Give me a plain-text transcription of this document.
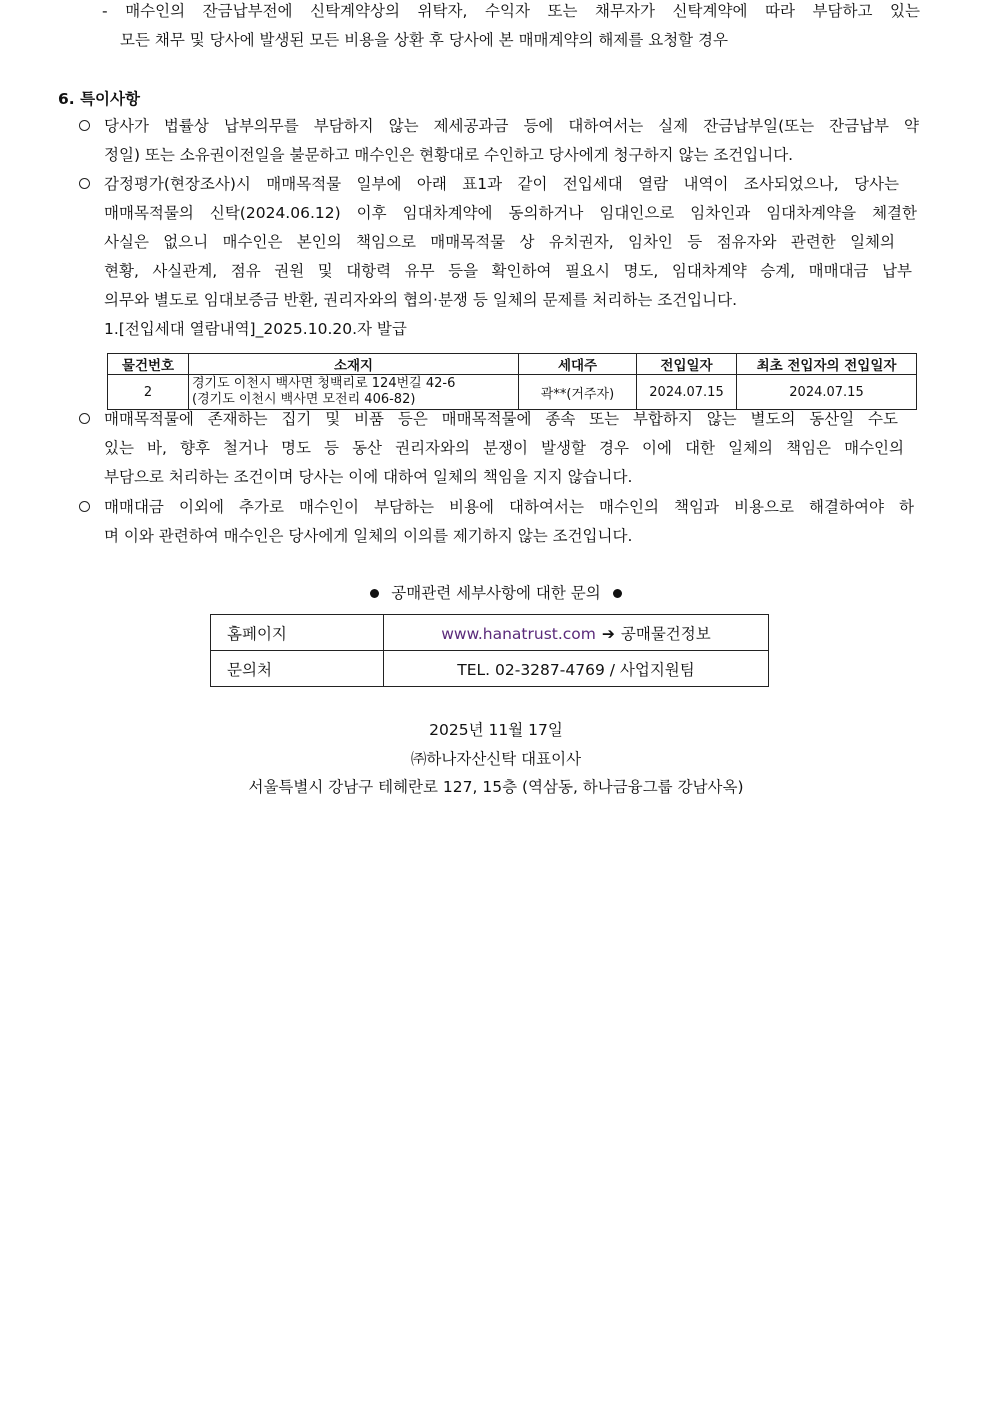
- 매수인의 잔금납부전에 신탁계약상의 위탁자, 수익자 또는 채무자가 신탁계약에 따라 부담하고 있는
모든 채무 및 당사에 발생된 모든 비용을 상환 후 당사에 본 매매계약의 해제를 요청할 경우
6. 특이사항
당사가 법률상 납부의무를 부담하지 않는 제세공과금 등에 대하여서는 실제 잔금납부일(또는 잔금납부 약
정일) 또는 소유권이전일을 불문하고 매수인은 현황대로 수인하고 당사에게 청구하지 않는 조건입니다.
감정평가(현장조사)시 매매목적물 일부에 아래 표1과 같이 전입세대 열람 내역이 조사되었으나, 당사는
매매목적물의 신탁(2024.06.12) 이후 임대차계약에 동의하거나 임대인으로 임차인과 임대차계약을 체결한
사실은 없으니 매수인은 본인의 책임으로 매매목적물 상 유치권자, 임차인 등 점유자와 관련한 일체의
현황, 사실관계, 점유 권원 및 대항력 유무 등을 확인하여 필요시 명도, 임대차계약 승계, 매매대금 납부
의무와 별도로 임대보증금 반환, 권리자와의 협의·분쟁 등 일체의 문제를 처리하는 조건입니다.
1.[전입세대 열람내역]_2025.10.20.자 발급
물건번호	소재지	세대주	전입일자	최초 전입자의 전입일자
2	경기도 이천시 백사면 청백리로 124번길 42-6
(경기도 이천시 백사면 모전리 406-82)	곽**(거주자)	2024.07.15	2024.07.15
매매목적물에 존재하는 집기 및 비품 등은 매매목적물에 종속 또는 부합하지 않는 별도의 동산일 수도
있는 바, 향후 철거나 명도 등 동산 권리자와의 분쟁이 발생할 경우 이에 대한 일체의 책임은 매수인의
부담으로 처리하는 조건이며 당사는 이에 대하여 일체의 책임을 지지 않습니다.
매매대금 이외에 추가로 매수인이 부담하는 비용에 대하여서는 매수인의 책임과 비용으로 해결하여야 하
며 이와 관련하여 매수인은 당사에게 일체의 이의를 제기하지 않는 조건입니다.
공매관련 세부사항에 대한 문의
홈페이지	www.hanatrust.com ➔ 공매물건정보
문의처	TEL. 02-3287-4769 / 사업지원팀
2025년 11월 17일
㈜하나자산신탁 대표이사
서울특별시 강남구 테헤란로 127, 15층 (역삼동, 하나금융그룹 강남사옥)
